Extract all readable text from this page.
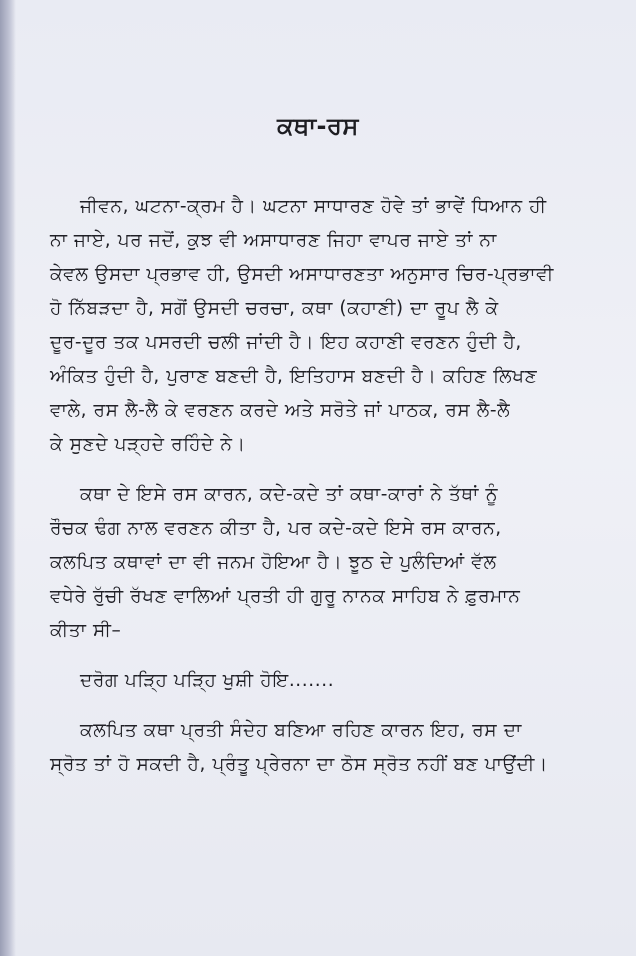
ਕਥਾ-ਰਸ

ਜੀਵਨ, ਘਟਨਾ-ਕ੍ਰਮ ਹੈ। ਘਟਨਾ ਸਾਧਾਰਣ ਹੋਵੇ ਤਾਂ ਭਾਵੇਂ ਧਿਆਨ ਹੀ
ਨਾ ਜਾਏ, ਪਰ ਜਦੋਂ, ਕੁਝ ਵੀ ਅਸਾਧਾਰਣ ਜਿਹਾ ਵਾਪਰ ਜਾਏ ਤਾਂ ਨਾ
ਕੇਵਲ ਉਸਦਾ ਪ੍ਰਭਾਵ ਹੀ, ਉਸਦੀ ਅਸਾਧਾਰਣਤਾ ਅਨੁਸਾਰ ਚਿਰ-ਪ੍ਰਭਾਵੀ
ਹੋ ਨਿੱਬੜਦਾ ਹੈ, ਸਗੋਂ ਉਸਦੀ ਚਰਚਾ, ਕਥਾ (ਕਹਾਣੀ) ਦਾ ਰੂਪ ਲੈ ਕੇ
ਦੂਰ-ਦੂਰ ਤਕ ਪਸਰਦੀ ਚਲੀ ਜਾਂਦੀ ਹੈ। ਇਹ ਕਹਾਣੀ ਵਰਣਨ ਹੁੰਦੀ ਹੈ,
ਅੰਕਿਤ ਹੁੰਦੀ ਹੈ, ਪੁਰਾਣ ਬਣਦੀ ਹੈ, ਇਤਿਹਾਸ ਬਣਦੀ ਹੈ। ਕਹਿਣ ਲਿਖਣ
ਵਾਲੇ, ਰਸ ਲੈ-ਲੈ ਕੇ ਵਰਣਨ ਕਰਦੇ ਅਤੇ ਸਰੋਤੇ ਜਾਂ ਪਾਠਕ, ਰਸ ਲੈ-ਲੈ
ਕੇ ਸੁਣਦੇ ਪੜ੍ਹਦੇ ਰਹਿੰਦੇ ਨੇ।

ਕਥਾ ਦੇ ਇਸੇ ਰਸ ਕਾਰਨ, ਕਦੇ-ਕਦੇ ਤਾਂ ਕਥਾ-ਕਾਰਾਂ ਨੇ ਤੱਥਾਂ ਨੂੰ
ਰੌਚਕ ਢੰਗ ਨਾਲ ਵਰਣਨ ਕੀਤਾ ਹੈ, ਪਰ ਕਦੇ-ਕਦੇ ਇਸੇ ਰਸ ਕਾਰਨ,
ਕਲਪਿਤ ਕਥਾਵਾਂ ਦਾ ਵੀ ਜਨਮ ਹੋਇਆ ਹੈ। ਝੂਠ ਦੇ ਪੁਲੰਦਿਆਂ ਵੱਲ
ਵਧੇਰੇ ਰੁੱਚੀ ਰੱਖਣ ਵਾਲਿਆਂ ਪ੍ਰਤੀ ਹੀ ਗੁਰੂ ਨਾਨਕ ਸਾਹਿਬ ਨੇ ਫ਼ੁਰਮਾਨ
ਕੀਤਾ ਸੀ–

ਦਰੋਗ ਪੜ੍ਹਿ ਪੜ੍ਹਿ ਖੁਸ਼ੀ ਹੋਇ.......

ਕਲਪਿਤ ਕਥਾ ਪ੍ਰਤੀ ਸੰਦੇਹ ਬਣਿਆ ਰਹਿਣ ਕਾਰਨ ਇਹ, ਰਸ ਦਾ
ਸ੍ਰੋਤ ਤਾਂ ਹੋ ਸਕਦੀ ਹੈ, ਪ੍ਰੰਤੂ ਪ੍ਰੇਰਨਾ ਦਾ ਠੋਸ ਸ੍ਰੋਤ ਨਹੀਂ ਬਣ ਪਾਉਂਦੀ।
